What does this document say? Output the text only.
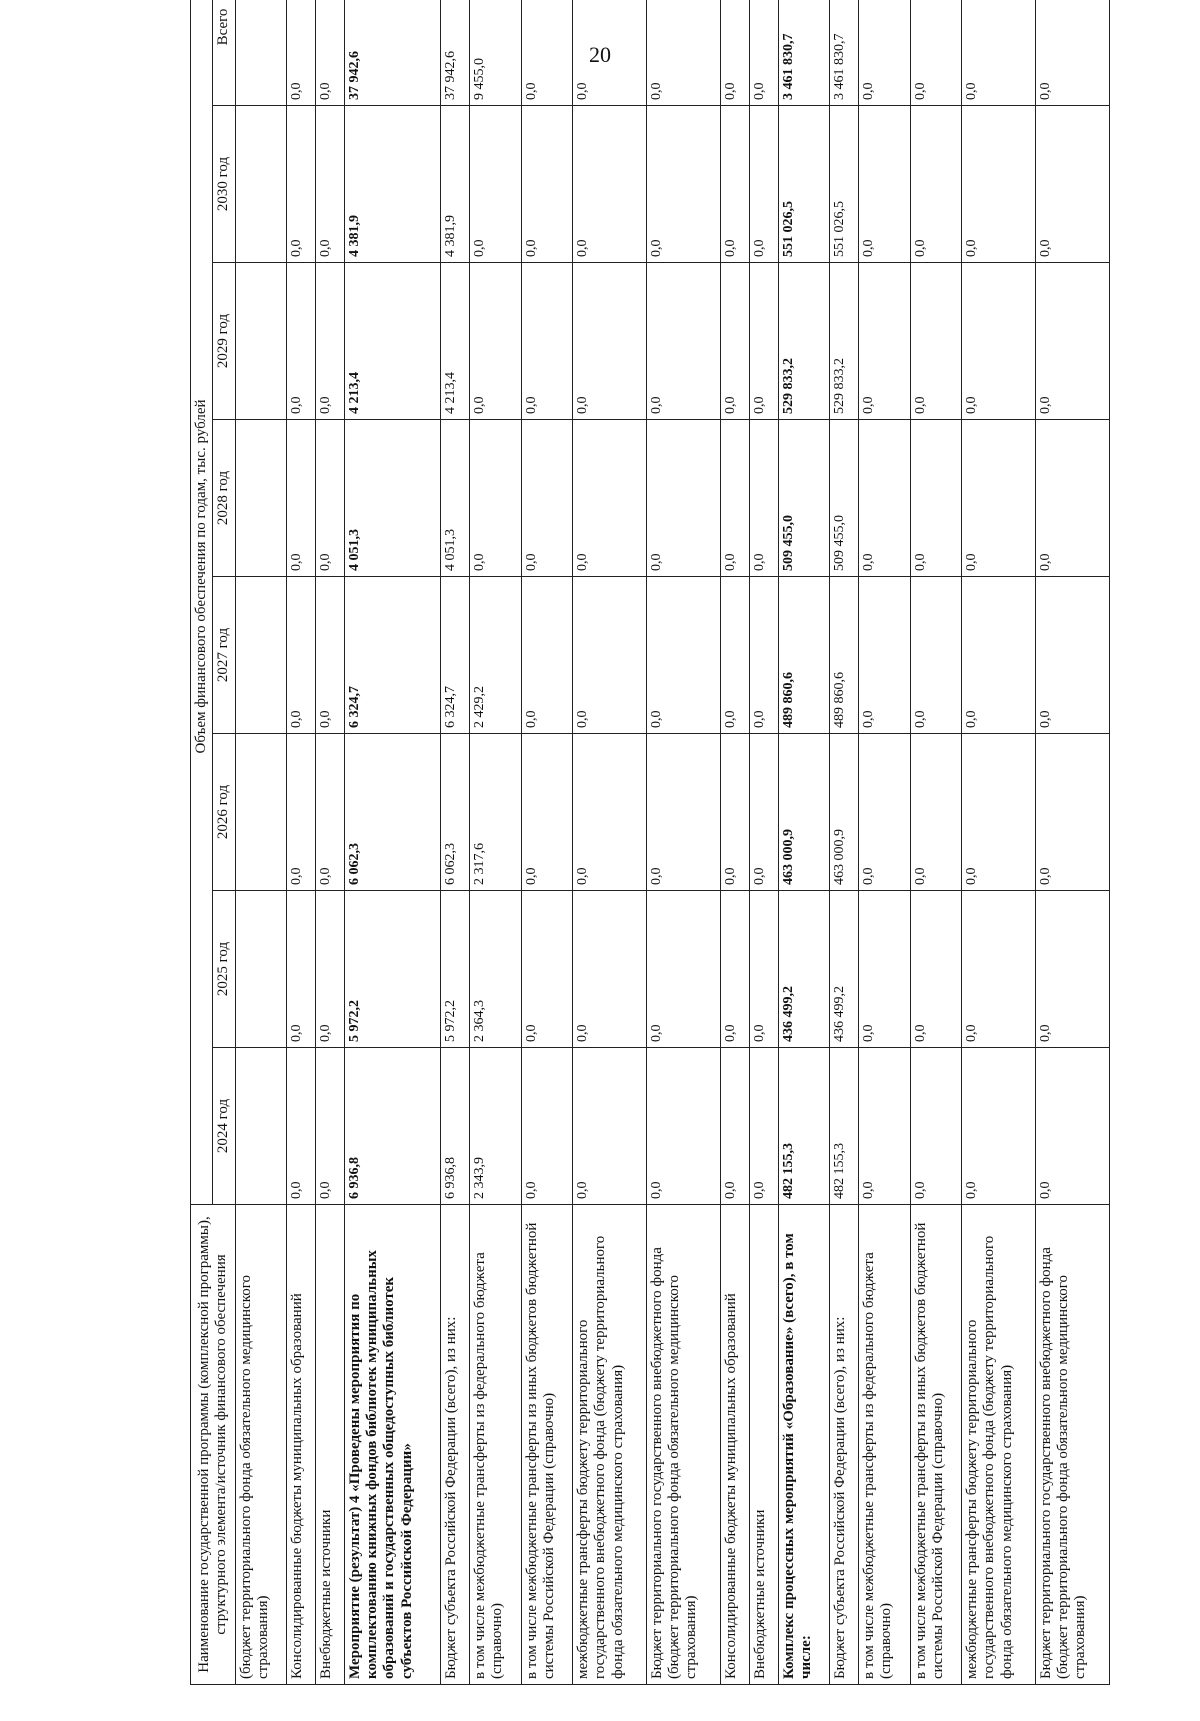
20
Наименование государственной программы (комплексной программы), структурного элемента/источник финансового обеспечения	Объем финансового обеспечения по годам, тыс. рублей							
	2024 год	2025 год	2026 год	2027 год	2028 год	2029 год	2030 год	Всего
(бюджет территориального фонда обязательного медицинского страхования)								
Консолидированные бюджеты муниципальных образований	0,0	0,0	0,0	0,0	0,0	0,0	0,0	0,0
Внебюджетные источники	0,0	0,0	0,0	0,0	0,0	0,0	0,0	0,0
Мероприятие (результат) 4 «Проведены мероприятия по комплектованию книжных фондов библиотек муниципальных образований и государственных общедоступных библиотек субъектов Российской Федерации»	6 936,8	5 972,2	6 062,3	6 324,7	4 051,3	4 213,4	4 381,9	37 942,6
Бюджет субъекта Российской Федерации (всего), из них:	6 936,8	5 972,2	6 062,3	6 324,7	4 051,3	4 213,4	4 381,9	37 942,6
в том числе межбюджетные трансферты из федерального бюджета (справочно)	2 343,9	2 364,3	2 317,6	2 429,2	0,0	0,0	0,0	9 455,0
в том числе межбюджетные трансферты из иных бюджетов бюджетной системы Российской Федерации (справочно)	0,0	0,0	0,0	0,0	0,0	0,0	0,0	0,0
межбюджетные трансферты бюджету территориального государственного внебюджетного фонда (бюджету территориального фонда обязательного медицинского страхования)	0,0	0,0	0,0	0,0	0,0	0,0	0,0	0,0
Бюджет территориального государственного внебюджетного фонда (бюджет территориального фонда обязательного медицинского страхования)	0,0	0,0	0,0	0,0	0,0	0,0	0,0	0,0
Консолидированные бюджеты муниципальных образований	0,0	0,0	0,0	0,0	0,0	0,0	0,0	0,0
Внебюджетные источники	0,0	0,0	0,0	0,0	0,0	0,0	0,0	0,0
Комплекс процессных мероприятий «Образование» (всего), в том числе:	482 155,3	436 499,2	463 000,9	489 860,6	509 455,0	529 833,2	551 026,5	3 461 830,7
Бюджет субъекта Российской Федерации (всего), из них:	482 155,3	436 499,2	463 000,9	489 860,6	509 455,0	529 833,2	551 026,5	3 461 830,7
в том числе межбюджетные трансферты из федерального бюджета (справочно)	0,0	0,0	0,0	0,0	0,0	0,0	0,0	0,0
в том числе межбюджетные трансферты из иных бюджетов бюджетной системы Российской Федерации (справочно)	0,0	0,0	0,0	0,0	0,0	0,0	0,0	0,0
межбюджетные трансферты бюджету территориального государственного внебюджетного фонда (бюджету территориального фонда обязательного медицинского страхования)	0,0	0,0	0,0	0,0	0,0	0,0	0,0	0,0
Бюджет территориального государственного внебюджетного фонда (бюджет территориального фонда обязательного медицинского страхования)	0,0	0,0	0,0	0,0	0,0	0,0	0,0	0,0
